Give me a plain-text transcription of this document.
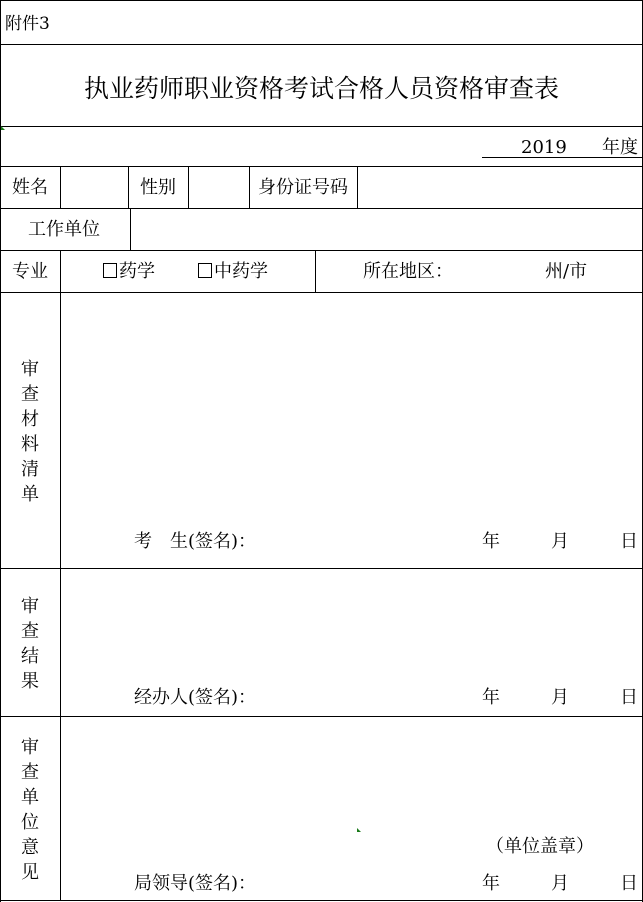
附件3
执业药师职业资格考试合格人员资格审查表
2019 年度
姓名	性别	身份证号码
工作单位
专业	药学	中药学	所在地区：	州/市
审查材料清单
考　生(签名)：	年	月	日
审查结果
经办人(签名)：	年	月	日
审查单位意见
（单位盖章）
局领导(签名)：	年	月	日
